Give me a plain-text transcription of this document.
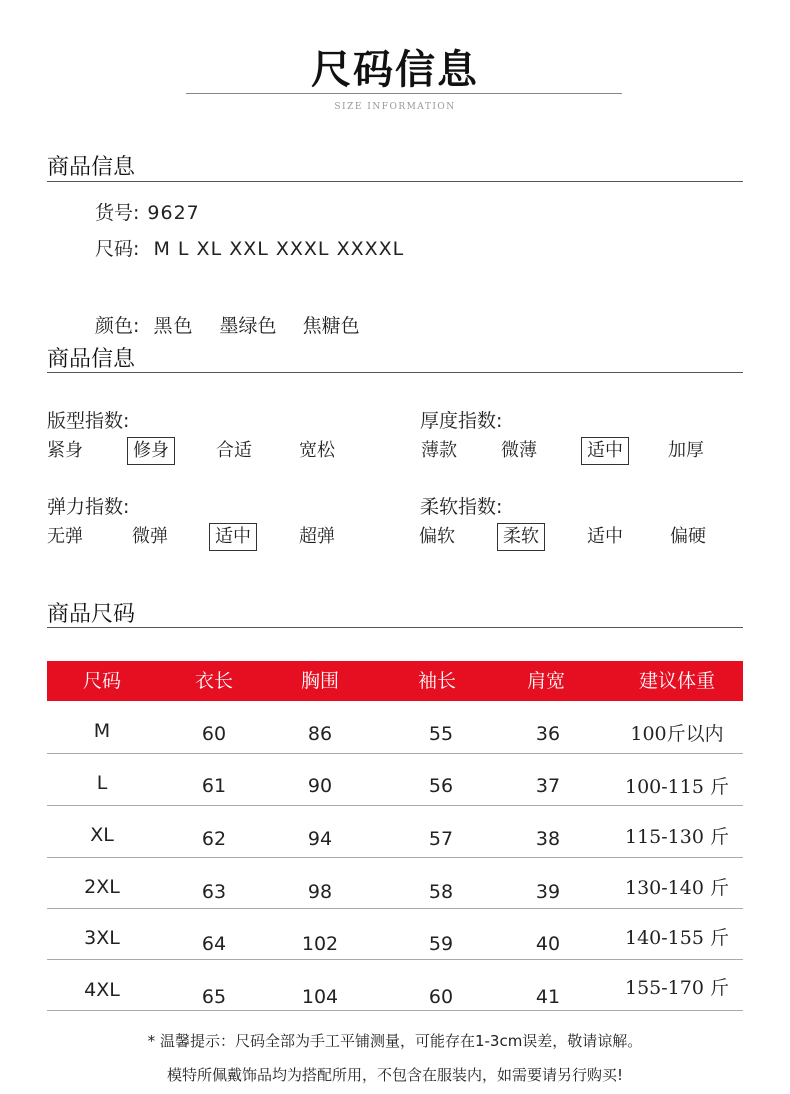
尺码信息
SIZE INFORMATION
商品信息
货号: 9627
尺码: M L XL XXL XXXL XXXXL
颜色: 黑色 墨绿色 焦糖色
商品信息
版型指数:
紧身	修身	合适	宽松
厚度指数:
薄款 微薄	适中	加厚
弹力指数:
无弹	微弹	适中	超弹
柔软指数:
偏软	柔软	适中	偏硬
商品尺码
尺码	衣长	胸围	袖长	肩宽	建议体重
M	60	86	55	36	100斤以内
L	61	90	56	37	100-115 斤
XL	62	94	57	38	115-130 斤
2XL	63	98	58	39	130-140 斤
3XL	64	102	59	40	140-155 斤
4XL	65	104	60	41	155-170 斤
* 温馨提示：尺码全部为手工平铺测量，可能存在1-3cm误差，敬请谅解。
模特所佩戴饰品均为搭配所用，不包含在服装内，如需要请另行购买!
